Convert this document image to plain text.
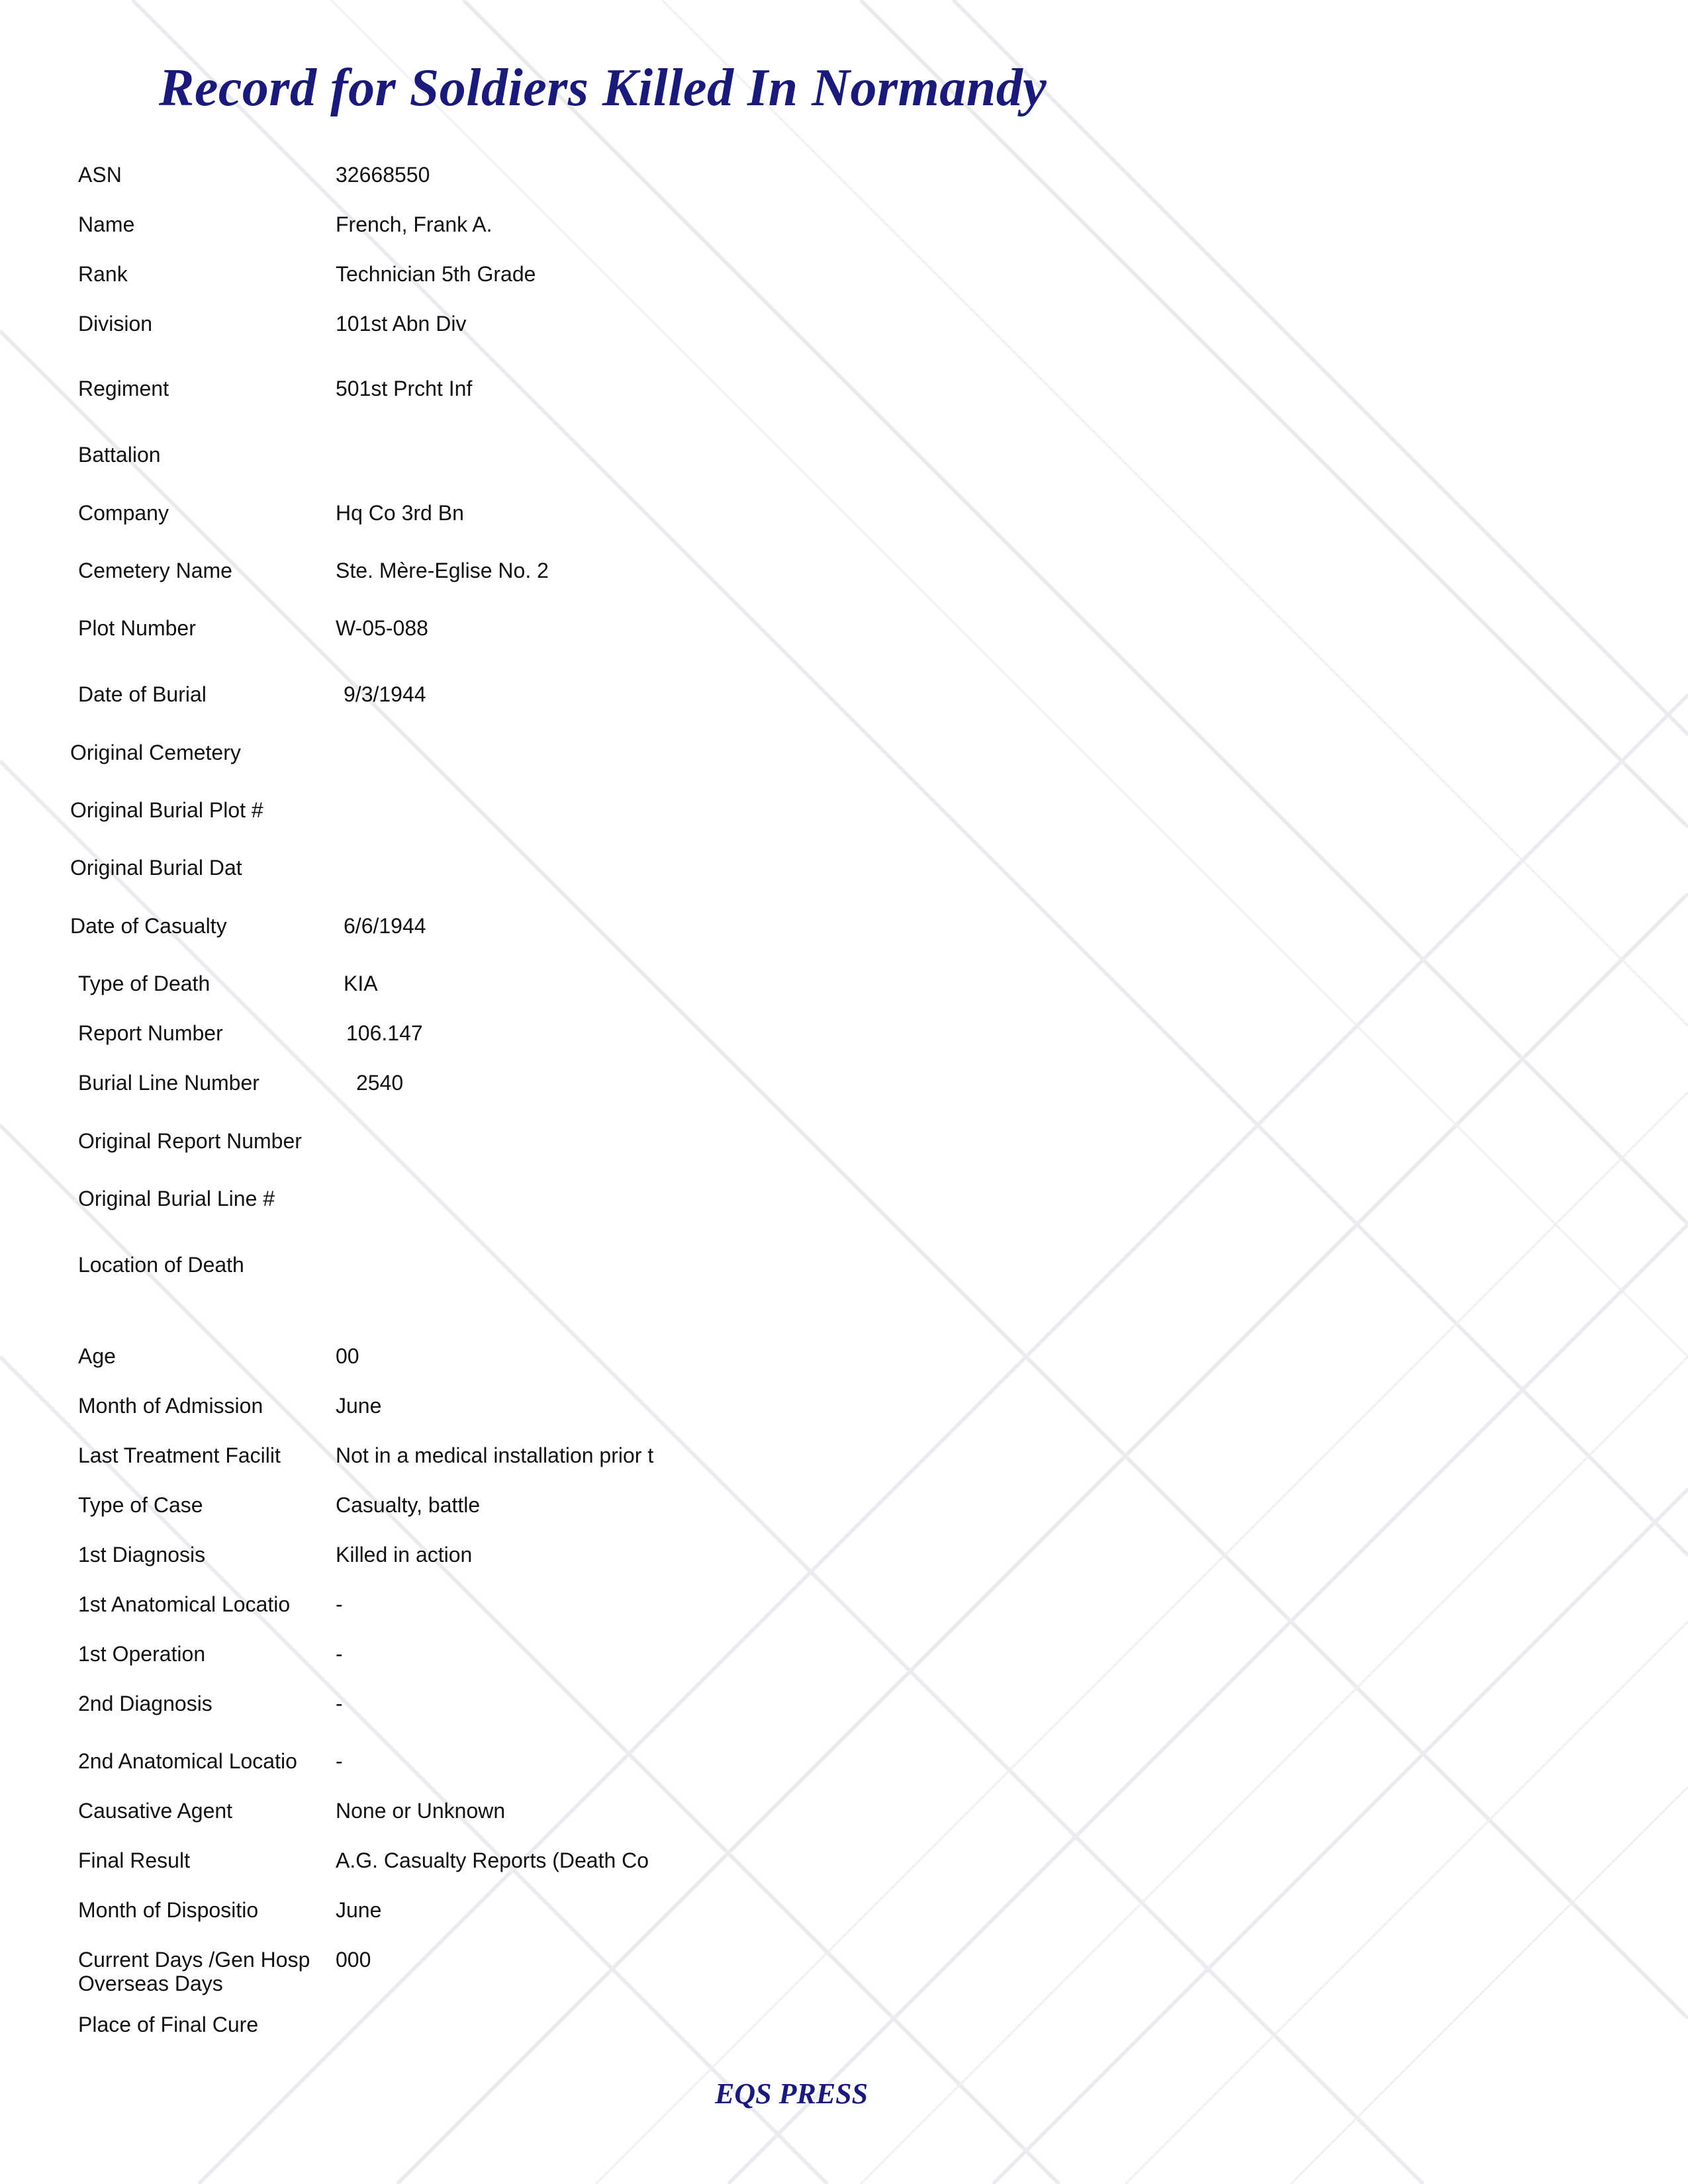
Record for Soldiers Killed In Normandy
ASN	32668550
Name	French, Frank A.
Rank	Technician 5th Grade
Division	101st Abn Div
Regiment	501st Prcht Inf
Battalion
Company	Hq Co 3rd Bn
Cemetery Name	Ste. Mère-Eglise No. 2
Plot Number	W-05-088
Date of Burial	9/3/1944
Original Cemetery
Original Burial Plot #
Original Burial Dat
Date of Casualty	6/6/1944
Type of Death	KIA
Report Number	106.147
Burial Line Number	2540
Original Report Number
Original Burial Line #
Location of Death
Age	00
Month of Admission	June
Last Treatment Facilit	Not in a medical installation prior t
Type of Case	Casualty, battle
1st Diagnosis	Killed in action
1st Anatomical Locatio -
1st Operation	-
2nd Diagnosis	-
2nd Anatomical Locatio -
Causative Agent	None or Unknown
Final Result	A.G. Casualty Reports (Death Co
Month of Dispositio	June
Current Days /Gen Hosp 000
Overseas Days
Place of Final Cure
EQS PRESS
